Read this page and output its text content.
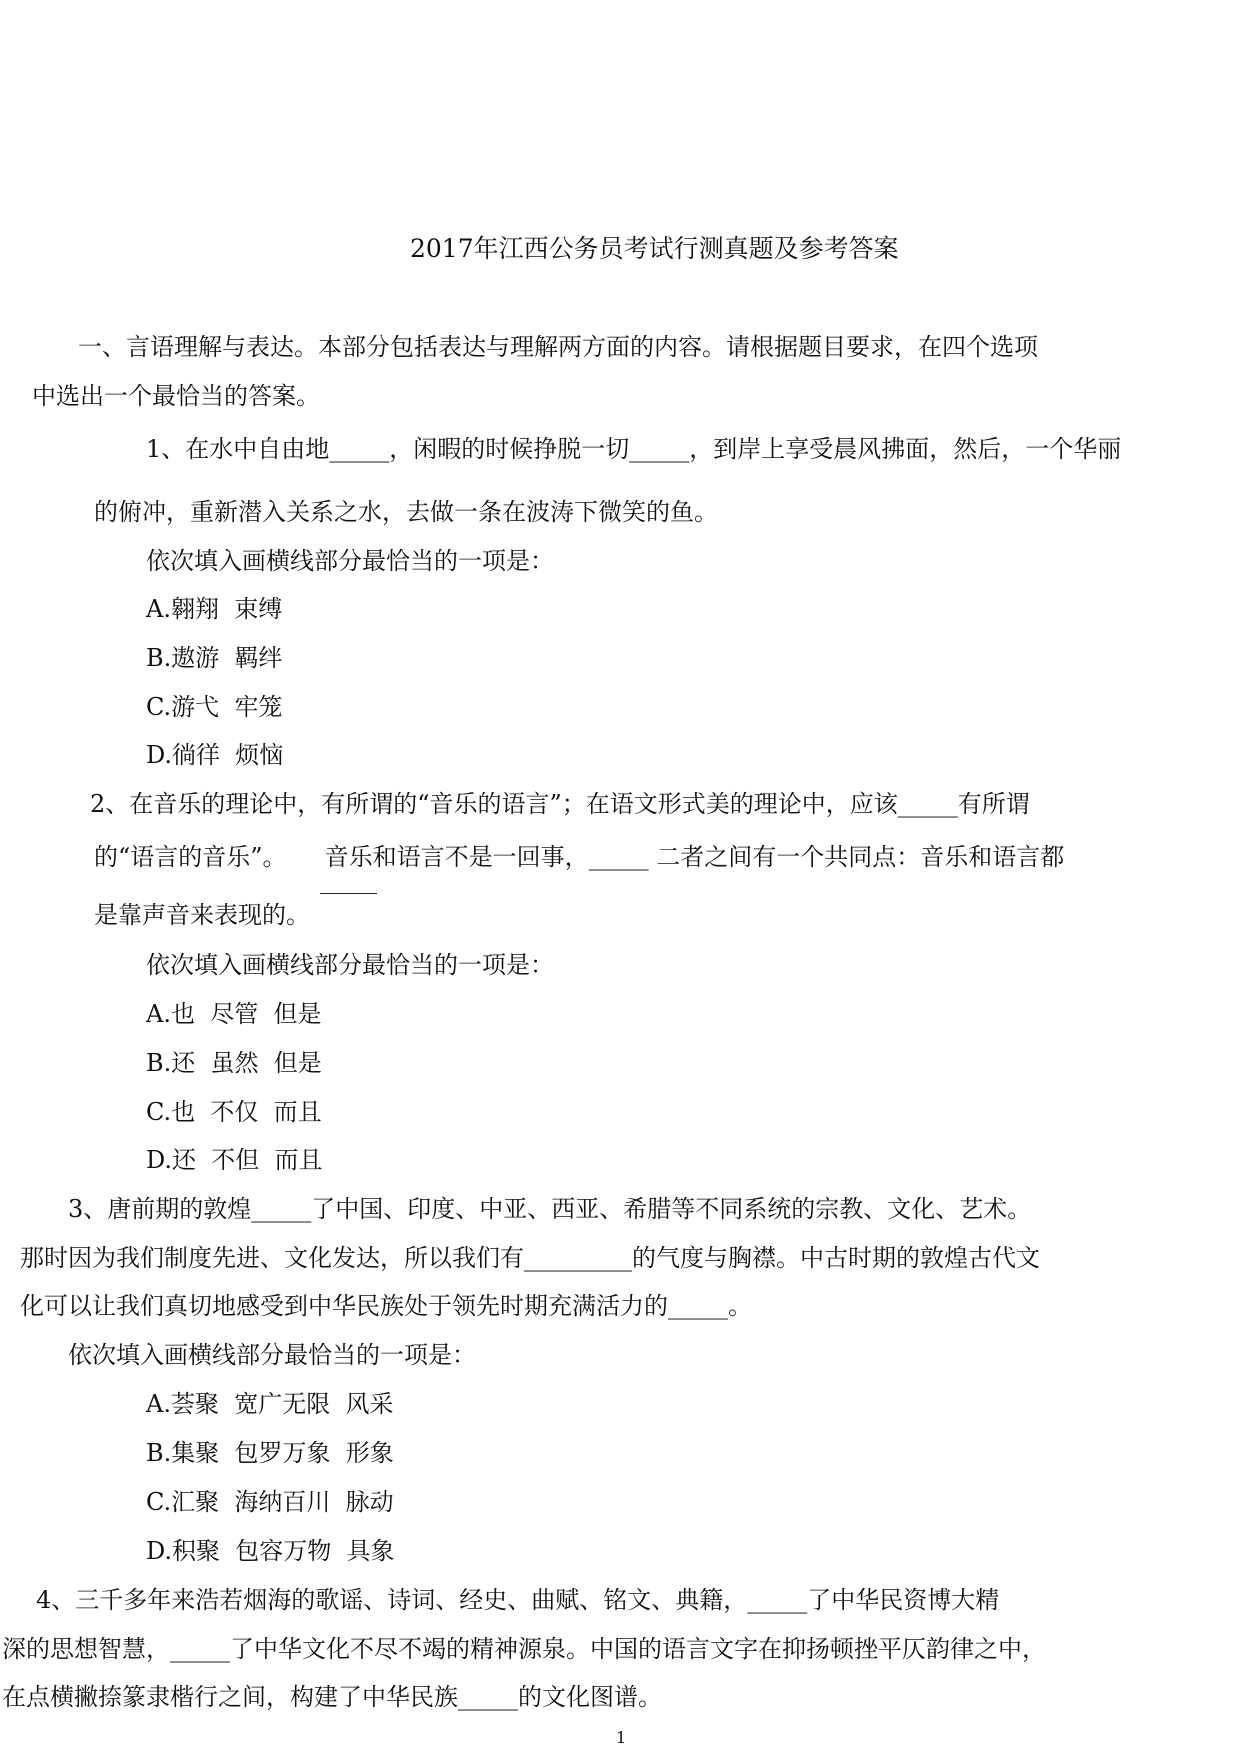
2017年江西公务员考试行测真题及参考答案
一、言语理解与表达。本部分包括表达与理解两方面的内容。请根据题目要求，在四个选项
中选出一个最恰当的答案。
1、在水中自由地_____，闲暇的时候挣脱一切_____，到岸上享受晨风拂面，然后，一个华丽
的俯冲，重新潜入关系之水，去做一条在波涛下微笑的鱼。
依次填入画横线部分最恰当的一项是：
A.翱翔  束缚
B.遨游  羁绊
C.游弋  牢笼
D.徜徉  烦恼
2、在音乐的理论中，有所谓的“音乐的语言”；在语文形式美的理论中，应该_____有所谓
的“语言的音乐”。     音乐和语言不是一回事，_____ 二者之间有一个共同点：音乐和语言都
是靠声音来表现的。
依次填入画横线部分最恰当的一项是：
A.也  尽管  但是
B.还  虽然  但是
C.也  不仅  而且
D.还  不但  而且
3、唐前期的敦煌_____了中国、印度、中亚、西亚、希腊等不同系统的宗教、文化、艺术。
那时因为我们制度先进、文化发达，所以我们有_________的气度与胸襟。中古时期的敦煌古代文
化可以让我们真切地感受到中华民族处于领先时期充满活力的_____。
依次填入画横线部分最恰当的一项是：
A.荟聚  宽广无限  风采
B.集聚  包罗万象  形象
C.汇聚  海纳百川  脉动
D.积聚  包容万物  具象
4、三千多年来浩若烟海的歌谣、诗词、经史、曲赋、铭文、典籍，_____了中华民资博大精
深的思想智慧，_____了中华文化不尽不竭的精神源泉。中国的语言文字在抑扬顿挫平仄韵律之中，
在点横撇捺篆隶楷行之间，构建了中华民族_____的文化图谱。
1
